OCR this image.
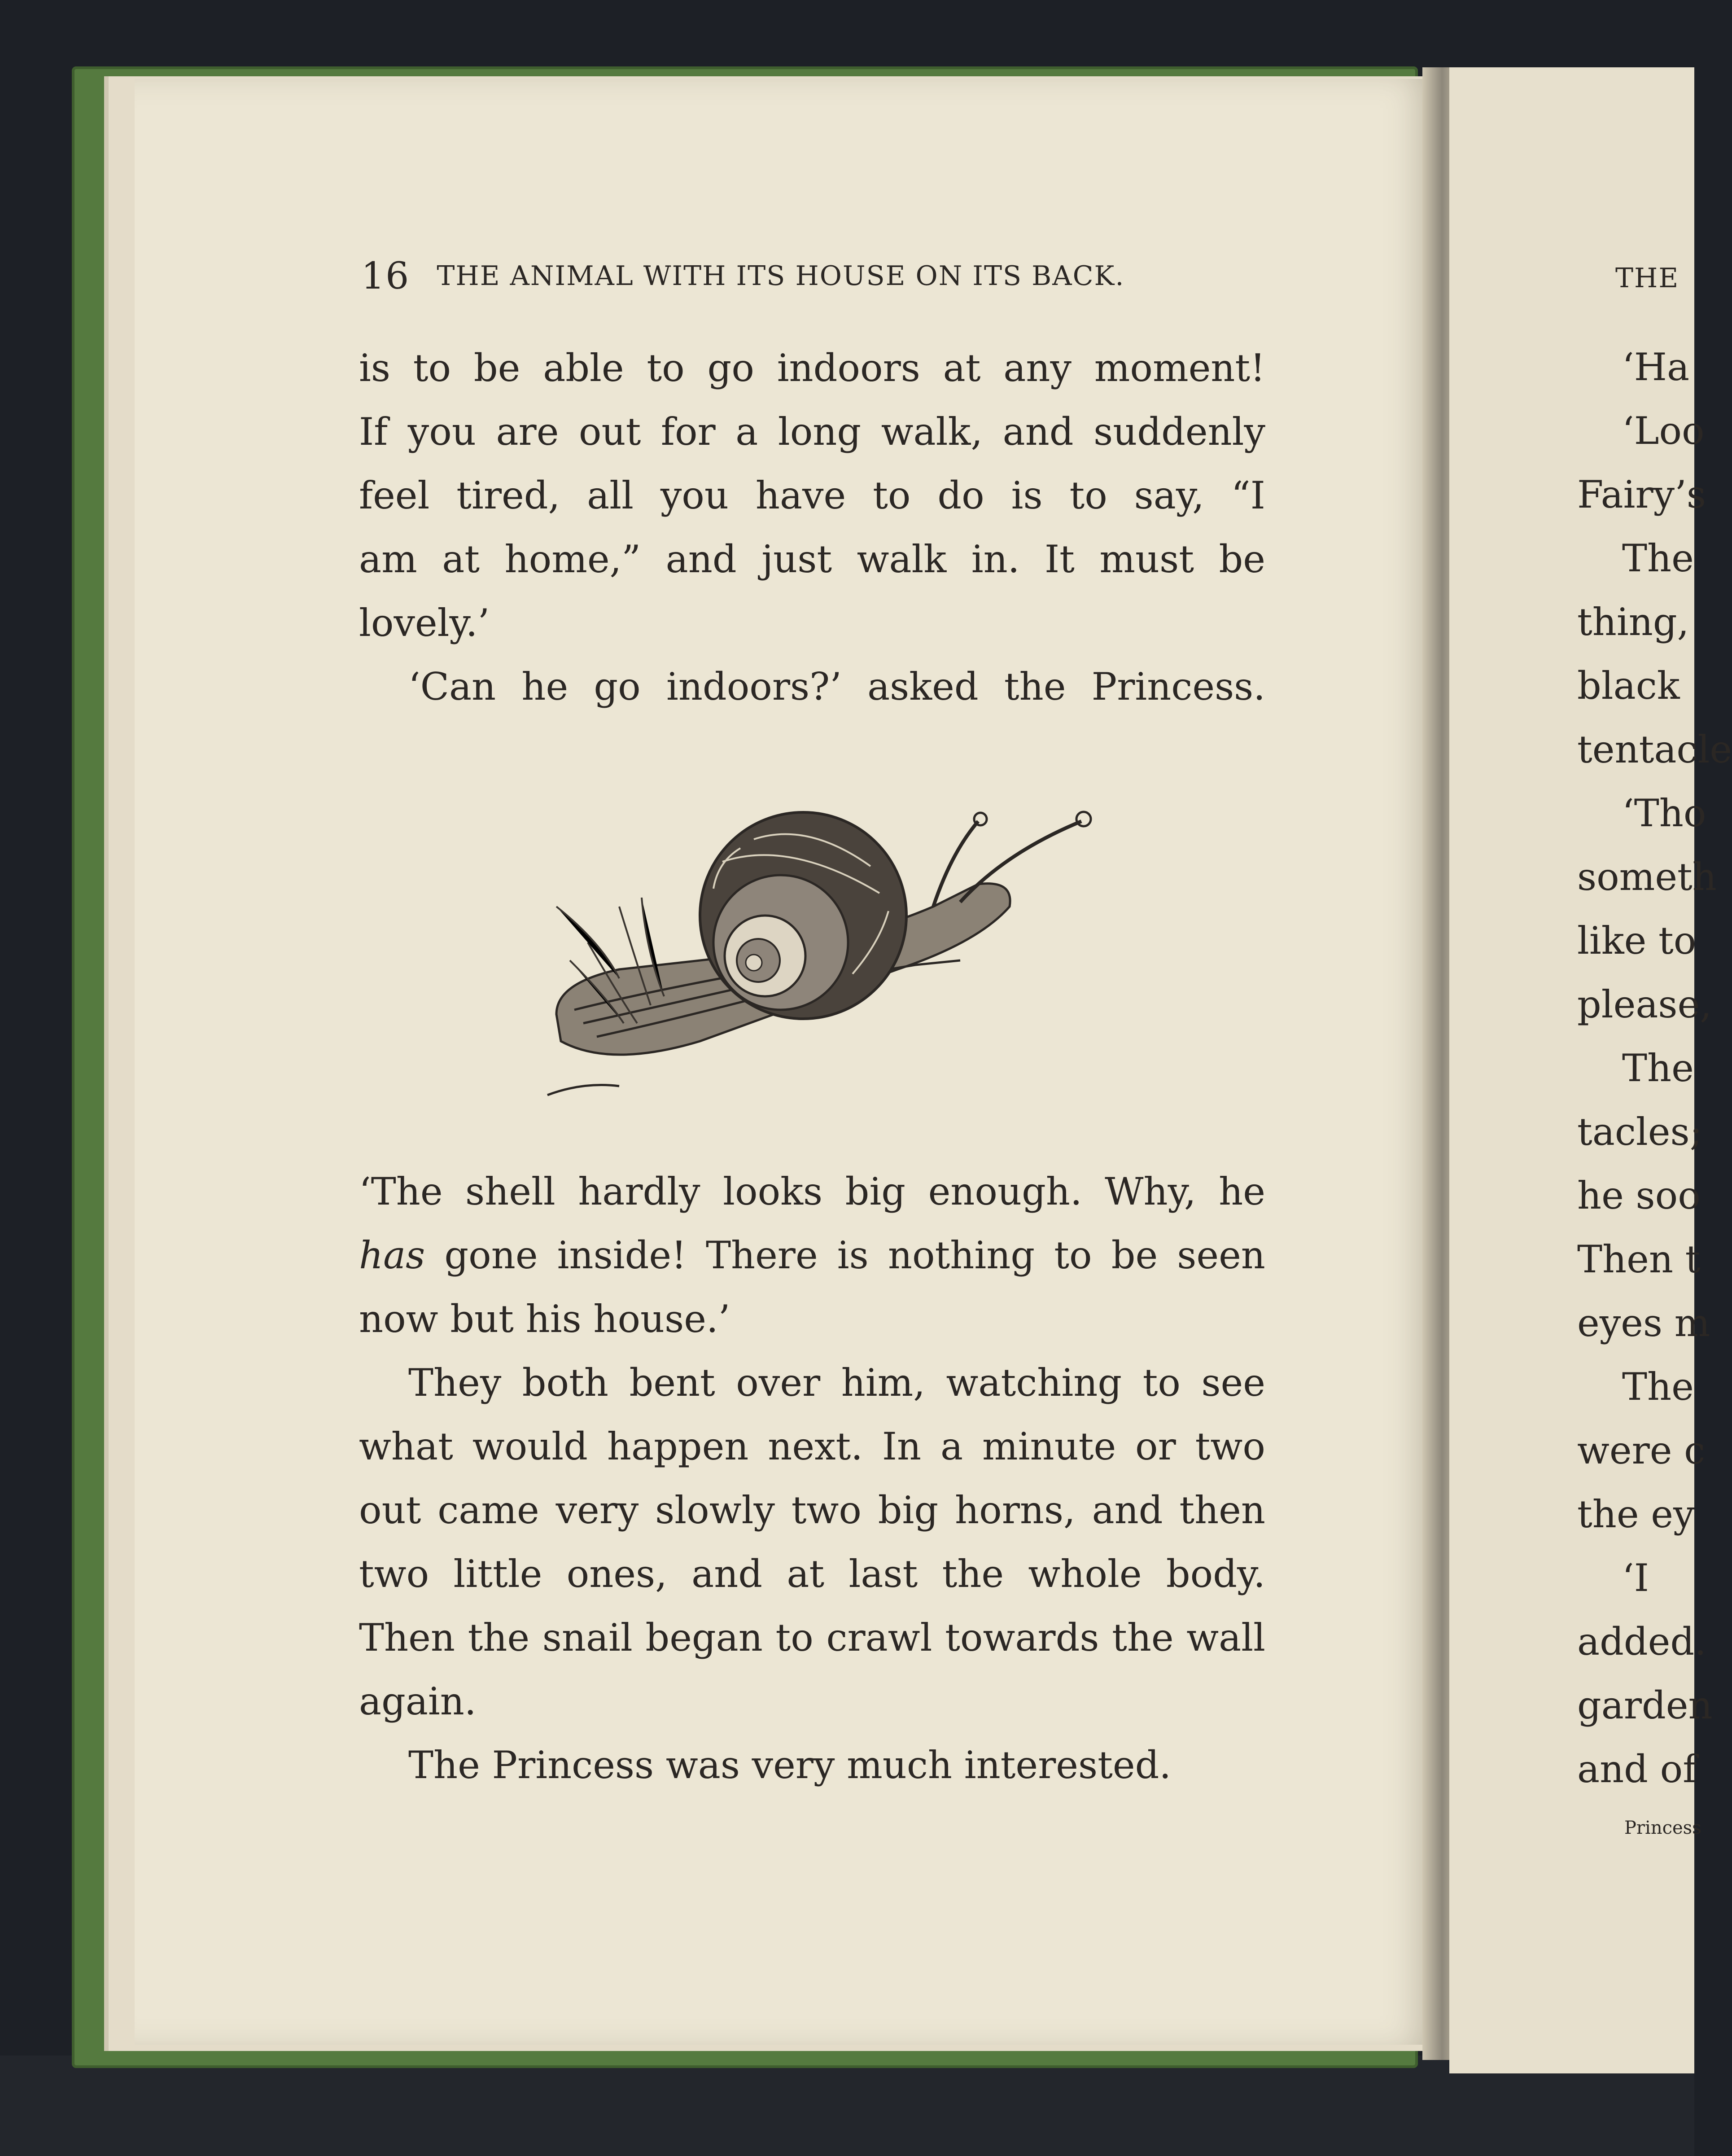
16 THE ANIMAL WITH ITS HOUSE ON ITS BACK.
is to be able to go indoors at any moment!
If you are out for a long walk, and suddenly
feel tired, all you have to do is to say, “I
am at home,” and just walk in. It must be
lovely.’
‘Can he go indoors?’ asked the Princess.
‘The shell hardly looks big enough. Why, he
has gone inside! There is nothing to be seen
now but his house.’
They both bent over him, watching to see
what would happen next. In a minute or two
out came very slowly two big horns, and then
two little ones, and at last the whole body.
Then the snail began to crawl towards the wall
again.
The Princess was very much interested.
THE
‘Ha
‘Loo
Fairy’s
The
thing,
black
tentacle
‘Tho
someth
like to
please,
The
tacles;
he soo
Then t
eyes m
The
were c
the ey
‘I
added.
garden
and of
Princess
